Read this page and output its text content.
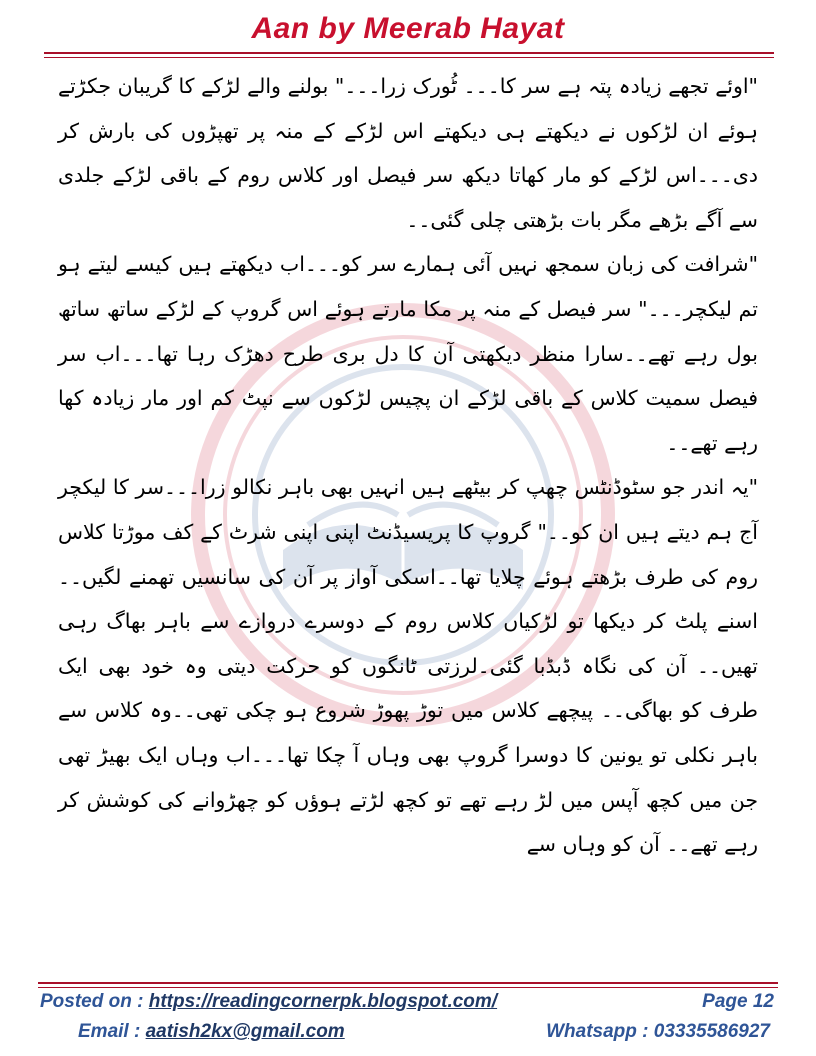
Aan by Meerab Hayat

"اوئے تجھے زیادہ پتہ ہے سر کا۔۔۔ ٹُورک زرا۔۔۔" بولنے والے لڑکے کا گریبان جکڑتے ہوئے ان لڑکوں نے دیکھتے ہی دیکھتے اس لڑکے کے منہ پر تھپڑوں کی بارش کر دی۔۔۔اس لڑکے کو مار کھاتا دیکھ سر فیصل اور کلاس روم کے باقی لڑکے جلدی سے آگے بڑھے مگر بات بڑھتی چلی گئی۔۔

"شرافت کی زبان سمجھ نہیں آئی ہمارے سر کو۔۔۔اب دیکھتے ہیں کیسے لیتے ہو تم لیکچر۔۔۔" سر فیصل کے منہ پر مکا مارتے ہوئے اس گروپ کے لڑکے ساتھ ساتھ بول رہے تھے۔۔سارا منظر دیکھتی آن کا دل بری طرح دھڑک رہا تھا۔۔۔اب سر فیصل سمیت کلاس کے باقی لڑکے ان پچیس لڑکوں سے نپٹ کم اور مار زیادہ کھا رہے تھے۔۔

"یہ اندر جو سٹوڈنٹس چھپ کر بیٹھے ہیں انہیں بھی باہر نکالو زرا۔۔۔سر کا لیکچر آج ہم دیتے ہیں ان کو۔۔" گروپ کا پریسیڈنٹ اپنی اپنی شرٹ کے کف موڑتا کلاس روم کی طرف بڑھتے ہوئے چلایا تھا۔۔اسکی آواز پر آن کی سانسیں تھمنے لگیں۔۔اسنے پلٹ کر دیکھا تو لڑکیاں کلاس روم کے دوسرے دروازے سے باہر بھاگ رہی تھیں۔۔ آن کی نگاہ ڈبڈبا گئی۔لرزتی ٹانگوں کو حرکت دیتی وہ خود بھی ایک طرف کو بھاگی۔۔ پیچھے کلاس میں توڑ پھوڑ شروع ہو چکی تھی۔۔وہ کلاس سے باہر نکلی تو یونین کا دوسرا گروپ بھی وہاں آ چکا تھا۔۔۔اب وہاں ایک بھیڑ تھی جن میں کچھ آپس میں لڑ رہے تھے تو کچھ لڑتے ہوؤں کو چھڑوانے کی کوشش کر رہے تھے۔۔ آن کو وہاں سے

Posted on : https://readingcornerpk.blogspot.com/	Page 12
Email : aatish2kx@gmail.com	Whatsapp : 03335586927
